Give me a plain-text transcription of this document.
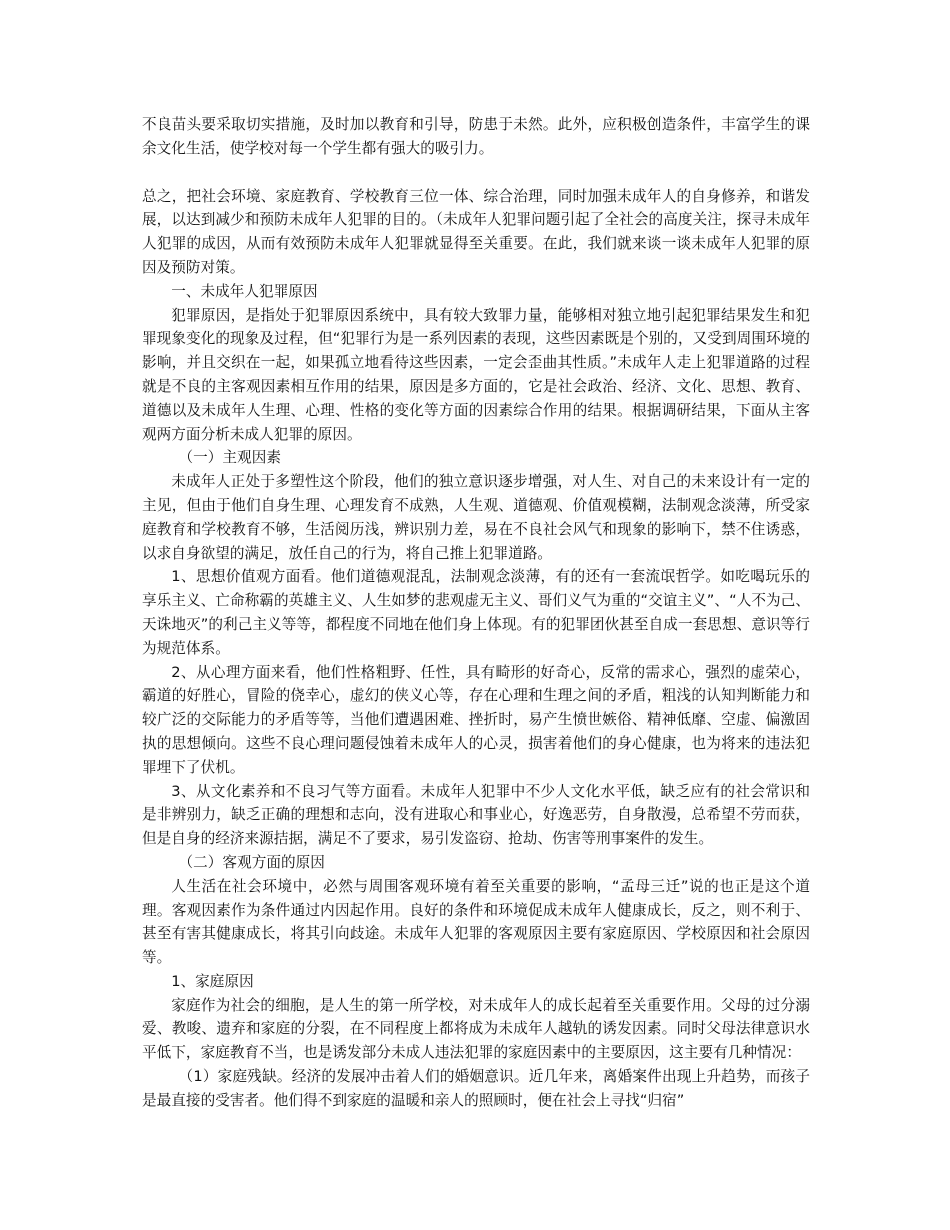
不良苗头要采取切实措施，及时加以教育和引导，防患于未然。此外，应积极创造条件，丰富学生的课余文化生活，使学校对每一个学生都有强大的吸引力。

总之，把社会环境、家庭教育、学校教育三位一体、综合治理，同时加强未成年人的自身修养，和谐发展，以达到减少和预防未成年人犯罪的目的。（未成年人犯罪问题引起了全社会的高度关注，探寻未成年人犯罪的成因，从而有效预防未成年人犯罪就显得至关重要。在此，我们就来谈一谈未成年人犯罪的原因及预防对策。

一、未成年人犯罪原因

犯罪原因，是指处于犯罪原因系统中，具有较大致罪力量，能够相对独立地引起犯罪结果发生和犯罪现象变化的现象及过程，但“犯罪行为是一系列因素的表现，这些因素既是个别的，又受到周围环境的影响，并且交织在一起，如果孤立地看待这些因素，一定会歪曲其性质。”未成年人走上犯罪道路的过程就是不良的主客观因素相互作用的结果，原因是多方面的，它是社会政治、经济、文化、思想、教育、道德以及未成年人生理、心理、性格的变化等方面的因素综合作用的结果。根据调研结果，下面从主客观两方面分析未成人犯罪的原因。

（一）主观因素

未成年人正处于多塑性这个阶段，他们的独立意识逐步增强，对人生、对自己的未来设计有一定的主见，但由于他们自身生理、心理发育不成熟，人生观、道德观、价值观模糊，法制观念淡薄，所受家庭教育和学校教育不够，生活阅历浅，辨识别力差，易在不良社会风气和现象的影响下，禁不住诱惑，以求自身欲望的满足，放任自己的行为，将自己推上犯罪道路。

1、思想价值观方面看。他们道德观混乱，法制观念淡薄，有的还有一套流氓哲学。如吃喝玩乐的享乐主义、亡命称霸的英雄主义、人生如梦的悲观虚无主义、哥们义气为重的“交谊主义”、“人不为己、天诛地灭”的利己主义等等，都程度不同地在他们身上体现。有的犯罪团伙甚至自成一套思想、意识等行为规范体系。

2、从心理方面来看，他们性格粗野、任性，具有畸形的好奇心，反常的需求心，强烈的虚荣心，霸道的好胜心，冒险的侥幸心，虚幻的侠义心等，存在心理和生理之间的矛盾，粗浅的认知判断能力和较广泛的交际能力的矛盾等等，当他们遭遇困难、挫折时，易产生愤世嫉俗、精神低靡、空虚、偏激固执的思想倾向。这些不良心理问题侵蚀着未成年人的心灵，损害着他们的身心健康，也为将来的违法犯罪埋下了伏机。

3、从文化素养和不良习气等方面看。未成年人犯罪中不少人文化水平低，缺乏应有的社会常识和是非辨别力，缺乏正确的理想和志向，没有进取心和事业心，好逸恶劳，自身散漫，总希望不劳而获，但是自身的经济来源拮据，满足不了要求，易引发盗窃、抢劫、伤害等刑事案件的发生。

（二）客观方面的原因

人生活在社会环境中，必然与周围客观环境有着至关重要的影响，“孟母三迁”说的也正是这个道理。客观因素作为条件通过内因起作用。良好的条件和环境促成未成年人健康成长，反之，则不利于、甚至有害其健康成长，将其引向歧途。未成年人犯罪的客观原因主要有家庭原因、学校原因和社会原因等。

1、家庭原因

家庭作为社会的细胞，是人生的第一所学校，对未成年人的成长起着至关重要作用。父母的过分溺爱、教唆、遗弃和家庭的分裂，在不同程度上都将成为未成年人越轨的诱发因素。同时父母法律意识水平低下，家庭教育不当，也是诱发部分未成人违法犯罪的家庭因素中的主要原因，这主要有几种情况：

（1）家庭残缺。经济的发展冲击着人们的婚姻意识。近几年来，离婚案件出现上升趋势，而孩子是最直接的受害者。他们得不到家庭的温暖和亲人的照顾时，便在社会上寻找“归宿”
